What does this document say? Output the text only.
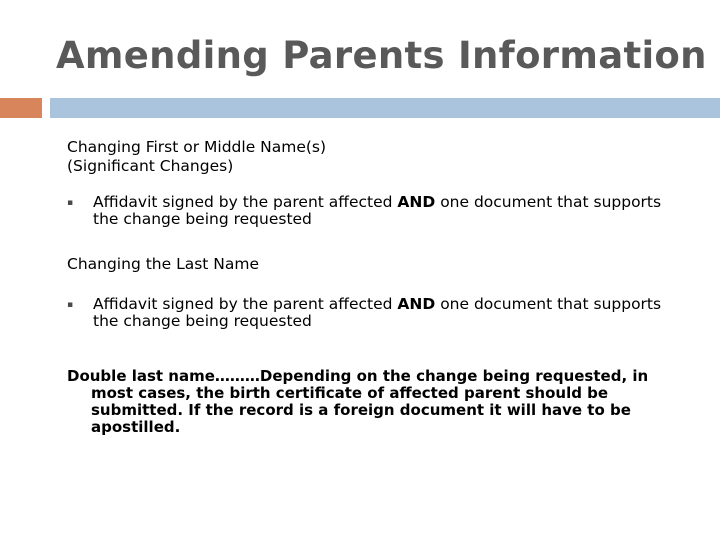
Amending Parents Information

Changing First or Middle Name(s)

(Significant Changes)

▪ Affidavit signed by the parent affected AND one document that supports the change being requested

Changing the Last Name

▪ Affidavit signed by the parent affected AND one document that supports the change being requested

Double last name………Depending on the change being requested, in most cases, the birth certificate of affected parent should be submitted. If the record is a foreign document it will have to be apostilled.
